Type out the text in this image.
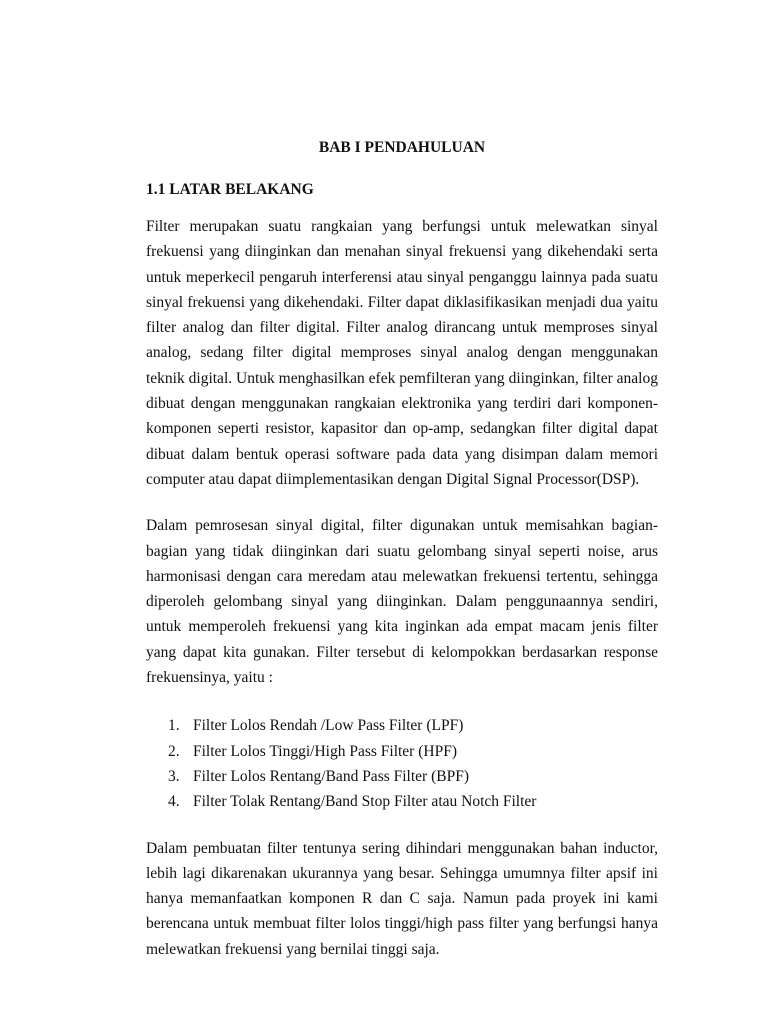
BAB I PENDAHULUAN
1.1 LATAR BELAKANG

Filter merupakan suatu rangkaian yang berfungsi untuk melewatkan sinyal frekuensi yang diinginkan dan menahan sinyal frekuensi yang dikehendaki serta untuk meperkecil pengaruh interferensi atau sinyal penganggu lainnya pada suatu sinyal frekuensi yang dikehendaki. Filter dapat diklasifikasikan menjadi dua yaitu filter analog dan filter digital. Filter analog dirancang untuk memproses sinyal analog, sedang filter digital memproses sinyal analog dengan menggunakan teknik digital. Untuk menghasilkan efek pemfilteran yang diinginkan, filter analog dibuat dengan menggunakan rangkaian elektronika yang terdiri dari komponen-komponen seperti resistor, kapasitor dan op-amp, sedangkan filter digital dapat dibuat dalam bentuk operasi software pada data yang disimpan dalam memori computer atau dapat diimplementasikan dengan Digital Signal Processor(DSP).

Dalam pemrosesan sinyal digital, filter digunakan untuk memisahkan bagian-bagian yang tidak diinginkan dari suatu gelombang sinyal seperti noise, arus harmonisasi dengan cara meredam atau melewatkan frekuensi tertentu, sehingga diperoleh gelombang sinyal yang diinginkan. Dalam penggunaannya sendiri, untuk memperoleh frekuensi yang kita inginkan ada empat macam jenis filter yang dapat kita gunakan. Filter tersebut di kelompokkan berdasarkan response frekuensinya, yaitu :

1. Filter Lolos Rendah /Low Pass Filter (LPF)
2. Filter Lolos Tinggi/High Pass Filter (HPF)
3. Filter Lolos Rentang/Band Pass Filter (BPF)
4. Filter Tolak Rentang/Band Stop Filter atau Notch Filter

Dalam pembuatan filter tentunya sering dihindari menggunakan bahan inductor, lebih lagi dikarenakan ukurannya yang besar. Sehingga umumnya filter apsif ini hanya memanfaatkan komponen R dan C saja. Namun pada proyek ini kami berencana untuk membuat filter lolos tinggi/high pass filter yang berfungsi hanya melewatkan frekuensi yang bernilai tinggi saja.
